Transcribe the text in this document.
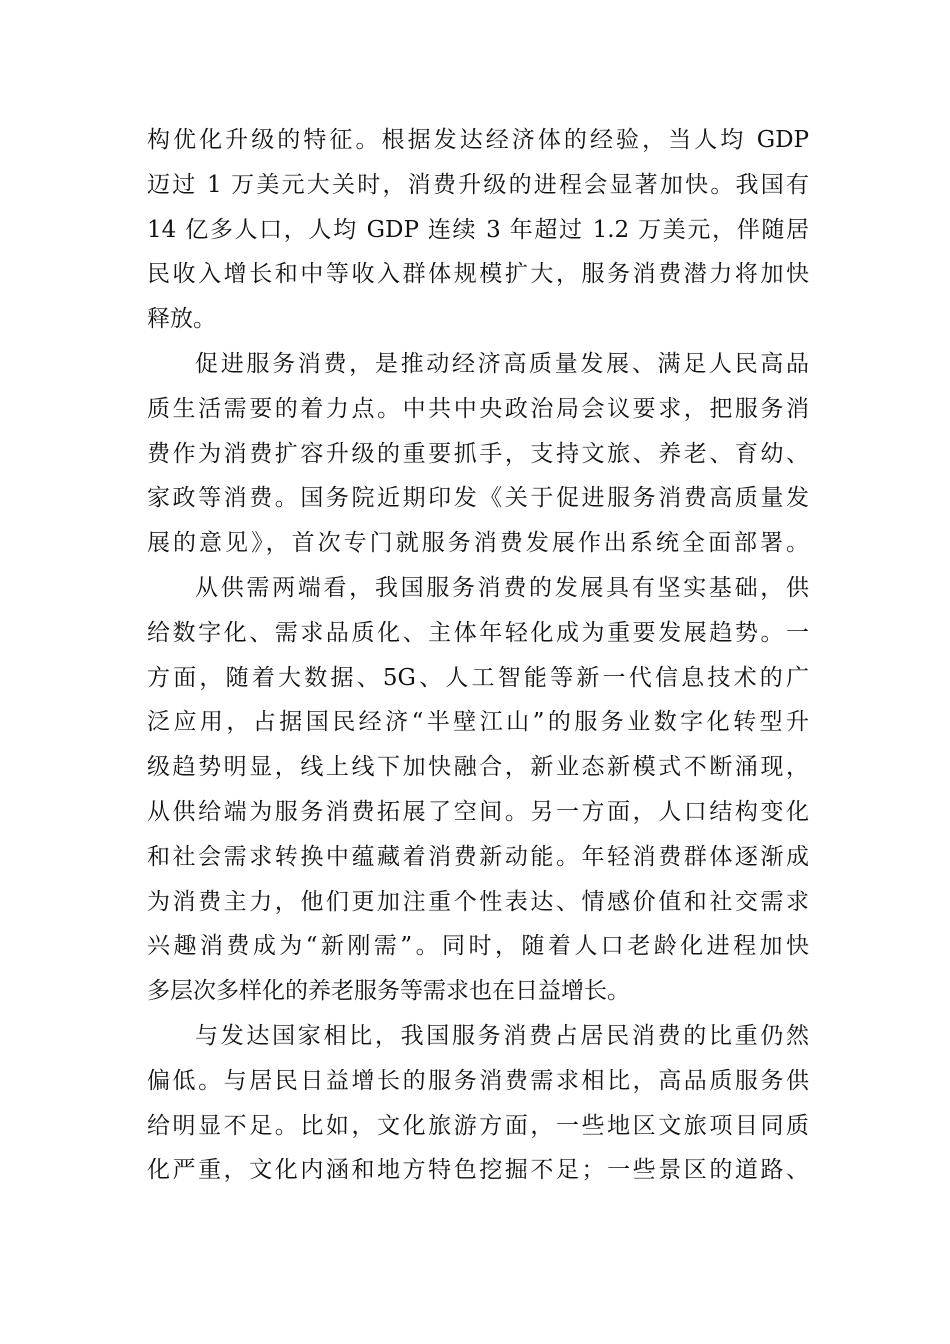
构优化升级的特征。根据发达经济体的经验，当人均 GDP
迈过 1 万美元大关时，消费升级的进程会显著加快。我国有
14 亿多人口，人均 GDP 连续 3 年超过 1.2 万美元，伴随居
民收入增长和中等收入群体规模扩大，服务消费潜力将加快
释放。
促进服务消费，是推动经济高质量发展、满足人民高品
质生活需要的着力点。中共中央政治局会议要求，把服务消
费作为消费扩容升级的重要抓手，支持文旅、养老、育幼、
家政等消费。国务院近期印发《关于促进服务消费高质量发
展的意见》，首次专门就服务消费发展作出系统全面部署。
从供需两端看，我国服务消费的发展具有坚实基础，供
给数字化、需求品质化、主体年轻化成为重要发展趋势。一
方面，随着大数据、5G、人工智能等新一代信息技术的广
泛应用，占据国民经济“半壁江山”的服务业数字化转型升
级趋势明显，线上线下加快融合，新业态新模式不断涌现，
从供给端为服务消费拓展了空间。另一方面，人口结构变化
和社会需求转换中蕴藏着消费新动能。年轻消费群体逐渐成
为消费主力，他们更加注重个性表达、情感价值和社交需求
兴趣消费成为“新刚需”。同时，随着人口老龄化进程加快
多层次多样化的养老服务等需求也在日益增长。
与发达国家相比，我国服务消费占居民消费的比重仍然
偏低。与居民日益增长的服务消费需求相比，高品质服务供
给明显不足。比如，文化旅游方面，一些地区文旅项目同质
化严重，文化内涵和地方特色挖掘不足；一些景区的道路、
